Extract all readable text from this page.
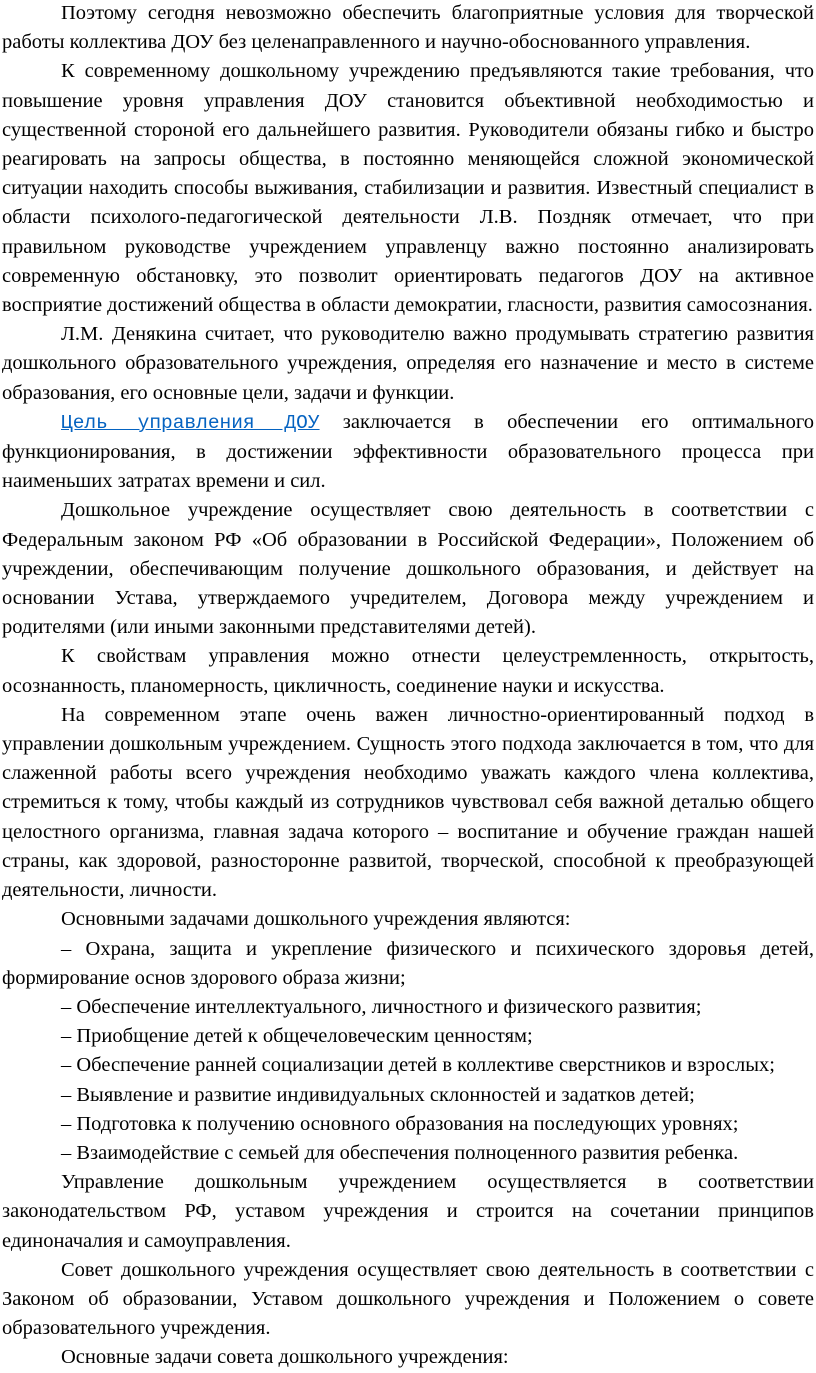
Поэтому сегодня невозможно обеспечить благоприятные условия для творческой работы коллектива ДОУ без целенаправленного и научно-обоснованного управления.

К современному дошкольному учреждению предъявляются такие требования, что повышение уровня управления ДОУ становится объективной необходимостью и существенной стороной его дальнейшего развития. Руководители обязаны гибко и быстро реагировать на запросы общества, в постоянно меняющейся сложной экономической ситуации находить способы выживания, стабилизации и развития. Известный специалист в области психолого-педагогической деятельности Л.В. Поздняк отмечает, что при правильном руководстве учреждением управленцу важно постоянно анализировать современную обстановку, это позволит ориентировать педагогов ДОУ на активное восприятие достижений общества в области демократии, гласности, развития самосознания.

Л.М. Денякина считает, что руководителю важно продумывать стратегию развития дошкольного образовательного учреждения, определяя его назначение и место в системе образования, его основные цели, задачи и функции.

Цель управления ДОУ заключается в обеспечении его оптимального функционирования, в достижении эффективности образовательного процесса при наименьших затратах времени и сил.

Дошкольное учреждение осуществляет свою деятельность в соответствии с Федеральным законом РФ «Об образовании в Российской Федерации», Положением об учреждении, обеспечивающим получение дошкольного образования, и действует на основании Устава, утверждаемого учредителем, Договора между учреждением и родителями (или иными законными представителями детей).

К свойствам управления можно отнести целеустремленность, открытость, осознанность, планомерность, цикличность, соединение науки и искусства.

На современном этапе очень важен личностно-ориентированный подход в управлении дошкольным учреждением. Сущность этого подхода заключается в том, что для слаженной работы всего учреждения необходимо уважать каждого члена коллектива, стремиться к тому, чтобы каждый из сотрудников чувствовал себя важной деталью общего целостного организма, главная задача которого – воспитание и обучение граждан нашей страны, как здоровой, разносторонне развитой, творческой, способной к преобразующей деятельности, личности.

Основными задачами дошкольного учреждения являются:

– Охрана, защита и укрепление физического и психического здоровья детей, формирование основ здорового образа жизни;

– Обеспечение интеллектуального, личностного и физического развития;

– Приобщение детей к общечеловеческим ценностям;

– Обеспечение ранней социализации детей в коллективе сверстников и взрослых;

– Выявление и развитие индивидуальных склонностей и задатков детей;

– Подготовка к получению основного образования на последующих уровнях;

– Взаимодействие с семьей для обеспечения полноценного развития ребенка.

Управление дошкольным учреждением осуществляется в соответствии законодательством РФ, уставом учреждения и строится на сочетании принципов единоначалия и самоуправления.

Совет дошкольного учреждения осуществляет свою деятельность в соответствии с Законом об образовании, Уставом дошкольного учреждения и Положением о совете образовательного учреждения.

Основные задачи совета дошкольного учреждения:
